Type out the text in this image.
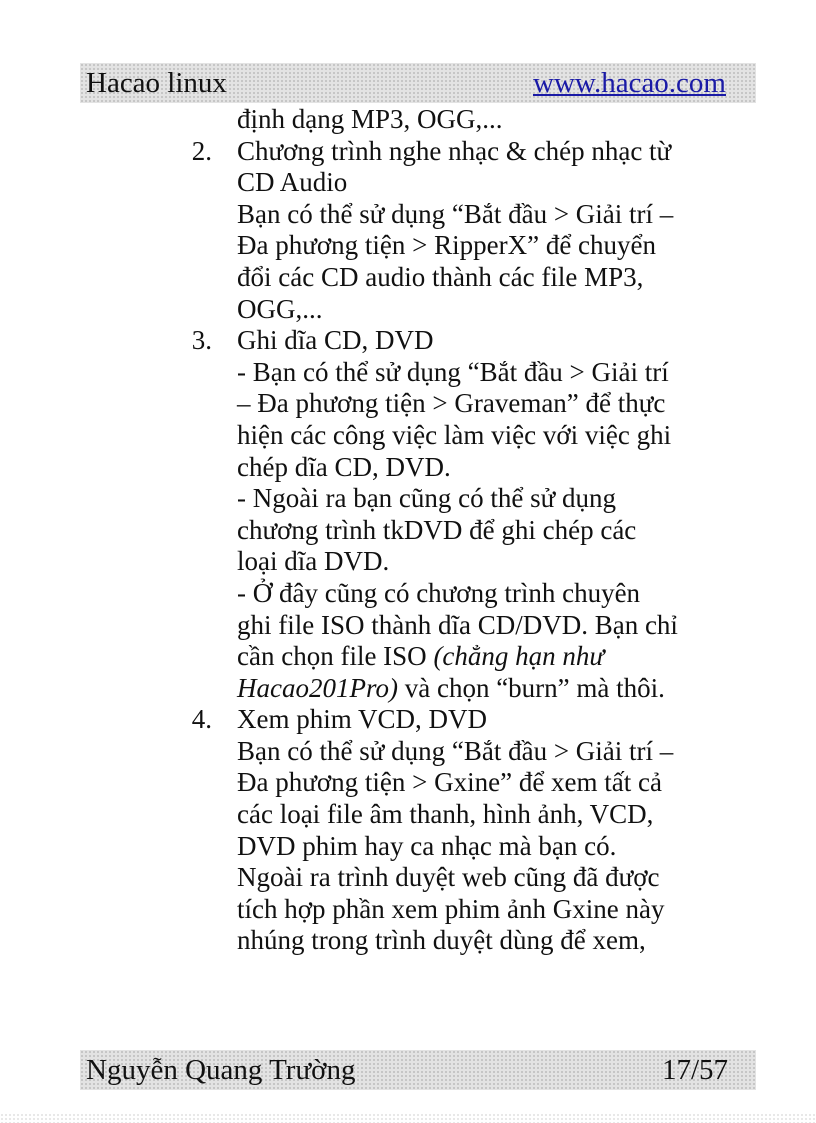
Hacao linux	www.hacao.com
định dạng MP3, OGG,...
2. Chương trình nghe nhạc & chép nhạc từ
CD Audio
Bạn có thể sử dụng “Bắt đầu > Giải trí –
Đa phương tiện > RipperX” để chuyển
đổi các CD audio thành các file MP3,
OGG,...
3. Ghi dĩa CD, DVD
- Bạn có thể sử dụng “Bắt đầu > Giải trí
– Đa phương tiện > Graveman” để thực
hiện các công việc làm việc với việc ghi
chép dĩa CD, DVD.
- Ngoài ra bạn cũng có thể sử dụng
chương trình tkDVD để ghi chép các
loại dĩa DVD.
- Ở đây cũng có chương trình chuyên
ghi file ISO thành dĩa CD/DVD. Bạn chỉ
cần chọn file ISO (chẳng hạn như
Hacao201Pro) và chọn “burn” mà thôi.
4. Xem phim VCD, DVD
Bạn có thể sử dụng “Bắt đầu > Giải trí –
Đa phương tiện > Gxine” để xem tất cả
các loại file âm thanh, hình ảnh, VCD,
DVD phim hay ca nhạc mà bạn có.
Ngoài ra trình duyệt web cũng đã được
tích hợp phần xem phim ảnh Gxine này
nhúng trong trình duyệt dùng để xem,
Nguyễn Quang Trường	17/57
